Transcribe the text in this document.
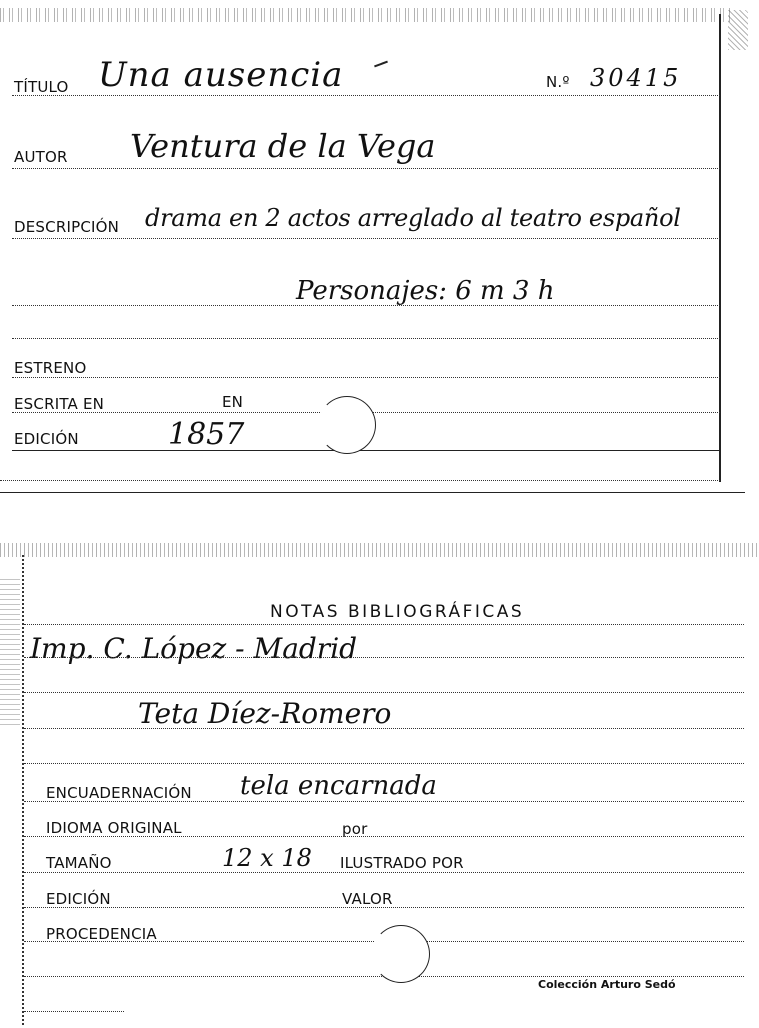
TÍTULO Una ausencia	N.º 30415
AUTOR Ventura de la Vega
DESCRIPCIÓN drama en 2 actos arreglado al teatro español
Personajes: 6 m 3 h
ESTRENO
ESCRITA EN	EN
EDICIÓN	1857
NOTAS BIBLIOGRÁFICAS
Imp. C. López - Madrid
Teta Díez-Romero
ENCUADERNACIÓN tela encarnada
IDIOMA ORIGINAL	por
TAMAÑO	12 x 18 ILUSTRADO POR
EDICIÓN	VALOR
PROCEDENCIA
Colección Arturo Sedó
